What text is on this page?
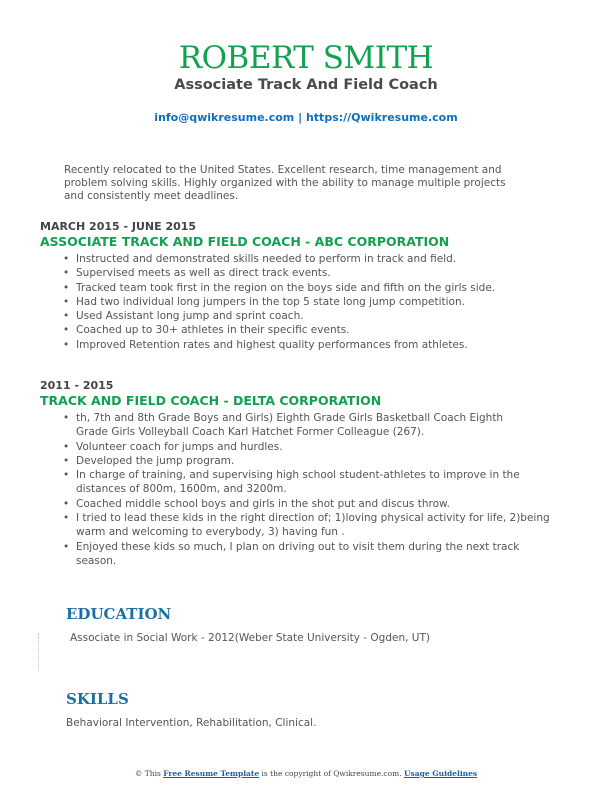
ROBERT SMITH
Associate Track And Field Coach
info@qwikresume.com | https://Qwikresume.com
Recently relocated to the United States. Excellent research, time management and problem solving skills. Highly organized with the ability to manage multiple projects and consistently meet deadlines.
MARCH 2015 - JUNE 2015
ASSOCIATE TRACK AND FIELD COACH - ABC CORPORATION
• Instructed and demonstrated skills needed to perform in track and field.
• Supervised meets as well as direct track events.
• Tracked team took first in the region on the boys side and fifth on the girls side.
• Had two individual long jumpers in the top 5 state long jump competition.
• Used Assistant long jump and sprint coach.
• Coached up to 30+ athletes in their specific events.
• Improved Retention rates and highest quality performances from athletes.
2011 - 2015
TRACK AND FIELD COACH - DELTA CORPORATION
• th, 7th and 8th Grade Boys and Girls) Eighth Grade Girls Basketball Coach Eighth Grade Girls Volleyball Coach Karl Hatchet Former Colleague (267).
• Volunteer coach for jumps and hurdles.
• Developed the jump program.
• In charge of training, and supervising high school student-athletes to improve in the distances of 800m, 1600m, and 3200m.
• Coached middle school boys and girls in the shot put and discus throw.
• I tried to lead these kids in the right direction of; 1)loving physical activity for life, 2)being warm and welcoming to everybody, 3) having fun .
• Enjoyed these kids so much, I plan on driving out to visit them during the next track season.
EDUCATION
Associate in Social Work - 2012(Weber State University - Ogden, UT)
SKILLS
Behavioral Intervention, Rehabilitation, Clinical.
© This Free Resume Template is the copyright of Qwikresume.com. Usage Guidelines
